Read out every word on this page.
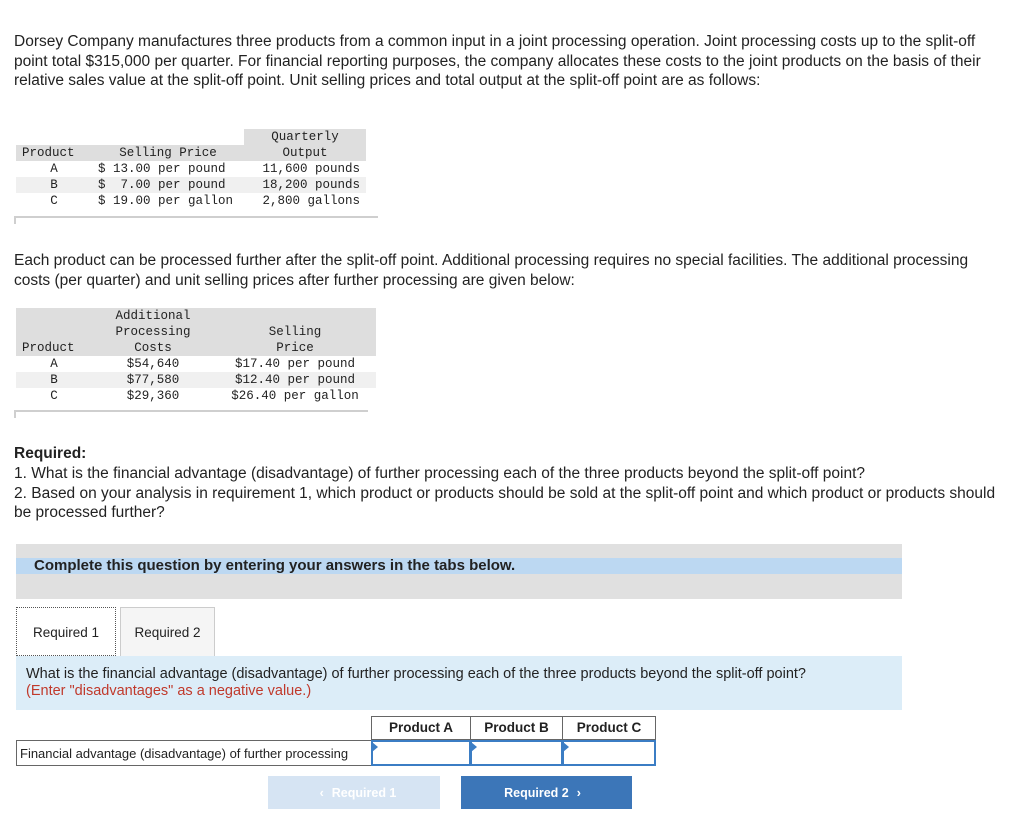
Dorsey Company manufactures three products from a common input in a joint processing operation. Joint processing costs up to the split-off point total $315,000 per quarter. For financial reporting purposes, the company allocates these costs to the joint products on the basis of their relative sales value at the split-off point. Unit selling prices and total output at the split-off point are as follows:

		Quarterly
Product	Selling Price	Output
A	$ 13.00 per pound	11,600 pounds
B	$  7.00 per pound	18,200 pounds
C	$ 19.00 per gallon	2,800 gallons

Each product can be processed further after the split-off point. Additional processing requires no special facilities. The additional processing costs (per quarter) and unit selling prices after further processing are given below:

	Additional	
	Processing	Selling
Product	Costs	Price
A	$54,640	$17.40 per pound
B	$77,580	$12.40 per pound
C	$29,360	$26.40 per gallon
Required:
1. What is the financial advantage (disadvantage) of further processing each of the three products beyond the split-off point?
2. Based on your analysis in requirement 1, which product or products should be sold at the split-off point and which product or products should be processed further?
Complete this question by entering your answers in the tabs below.
Required 1	Required 2
What is the financial advantage (disadvantage) of further processing each of the three products beyond the split-off point?
(Enter "disadvantages" as a negative value.)
Product A	Product B	Product C
Financial advantage (disadvantage) of further processing
‹ Required 1	Required 2 ›
